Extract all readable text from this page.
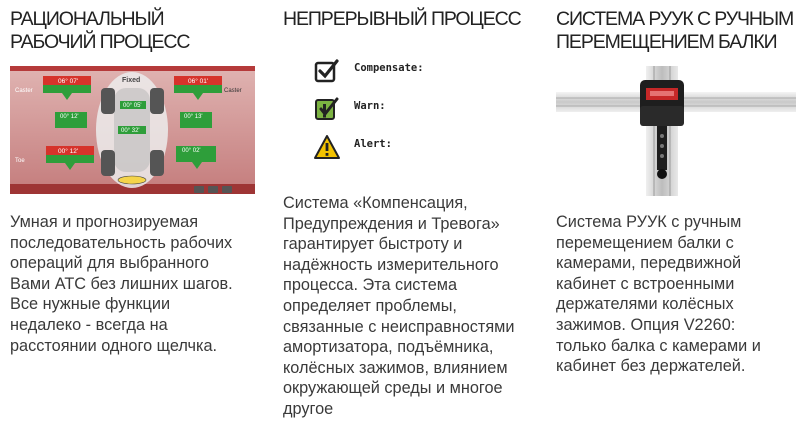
РАЦИОНАЛЬНЫЙ
РАБОЧИЙ ПРОЦЕСС
Fixed
06° 07'
Caster
06° 01'
Caster
00° 12'
00° 05'
00° 13'
00° 32'
00° 12'
Toe
00° 02'
Умная и прогнозируемая
последовательность рабочих
операций для выбранного
Вами АТС без лишних шагов.
Все нужные функции
недалеко - всегда на
расстоянии одного щелчка.
НЕПРЕРЫВНЫЙ ПРОЦЕСС
Compensate:
Warn:
Alert:
Система «Компенсация,
Предупреждения и Тревога»
гарантирует быстроту и
надёжность измерительного
процесса. Эта система
определяет проблемы,
связанные с неисправностями
амортизатора, подъёмника,
колёсных зажимов, влиянием
окружающей среды и многое
другое
СИСТЕМА РУУК С РУЧНЫМ
ПЕРЕМЕЩЕНИЕМ БАЛКИ
Система РУУК с ручным
перемещением балки с
камерами, передвижной
кабинет с встроенными
держателями колёсных
зажимов. Опция V2260:
только балка с камерами и
кабинет без держателей.
